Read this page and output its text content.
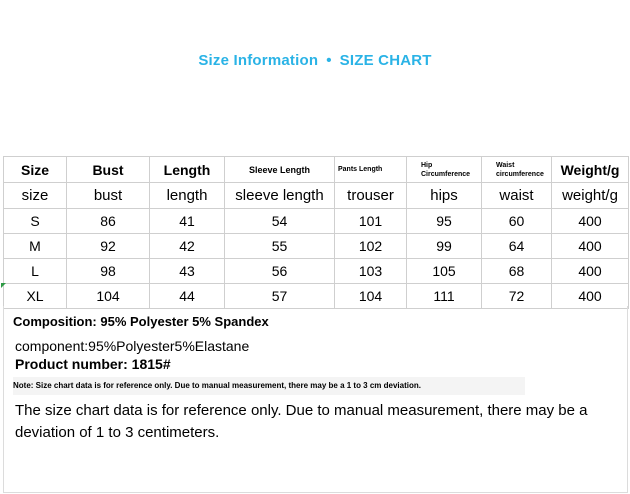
Size Information • SIZE CHART
Size	Bust	Length	Sleeve Length	Pants Length	Hip Circumference	Waist circumference	Weight/g
size	bust	length	sleeve length	trouser	hips	waist	weight/g
S	86	41	54	101	95	60	400
M	92	42	55	102	99	64	400
L	98	43	56	103	105	68	400
XL	104	44	57	104	111	72	400
Composition: 95% Polyester 5% Spandex
component:95%Polyester5%Elastane
Product number: 1815#
Note: Size chart data is for reference only. Due to manual measurement, there may be a 1 to 3 cm deviation.
The size chart data is for reference only. Due to manual measurement, there may be a deviation of 1 to 3 centimeters.
